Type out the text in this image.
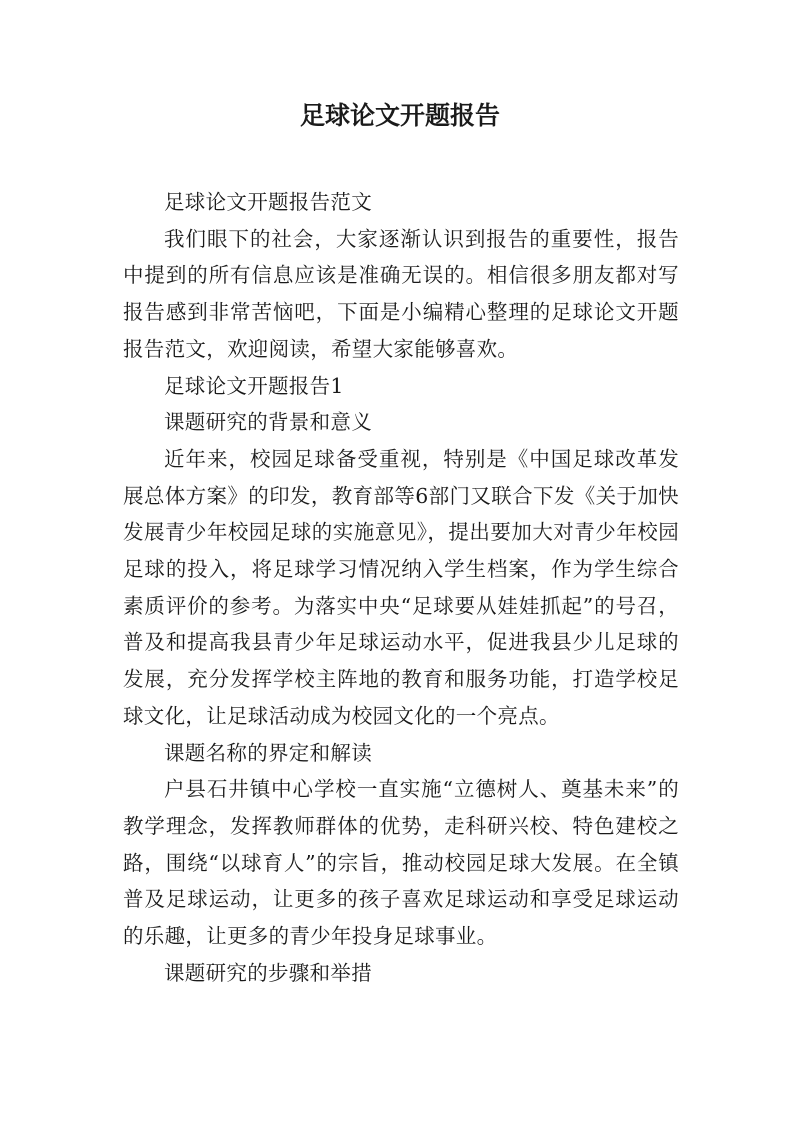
足球论文开题报告

足球论文开题报告范文

我们眼下的社会，大家逐渐认识到报告的重要性，报告中提到的所有信息应该是准确无误的。相信很多朋友都对写报告感到非常苦恼吧，下面是小编精心整理的足球论文开题报告范文，欢迎阅读，希望大家能够喜欢。

足球论文开题报告1

课题研究的背景和意义

近年来，校园足球备受重视，特别是《中国足球改革发展总体方案》的印发，教育部等6部门又联合下发《关于加快发展青少年校园足球的实施意见》，提出要加大对青少年校园足球的投入，将足球学习情况纳入学生档案，作为学生综合素质评价的参考。为落实中央“足球要从娃娃抓起”的号召，普及和提高我县青少年足球运动水平，促进我县少儿足球的发展，充分发挥学校主阵地的教育和服务功能，打造学校足球文化，让足球活动成为校园文化的一个亮点。

课题名称的界定和解读

户县石井镇中心学校一直实施“立德树人、奠基未来”的教学理念，发挥教师群体的优势，走科研兴校、特色建校之路，围绕“以球育人”的宗旨，推动校园足球大发展。在全镇普及足球运动，让更多的孩子喜欢足球运动和享受足球运动的乐趣，让更多的青少年投身足球事业。

课题研究的步骤和举措
